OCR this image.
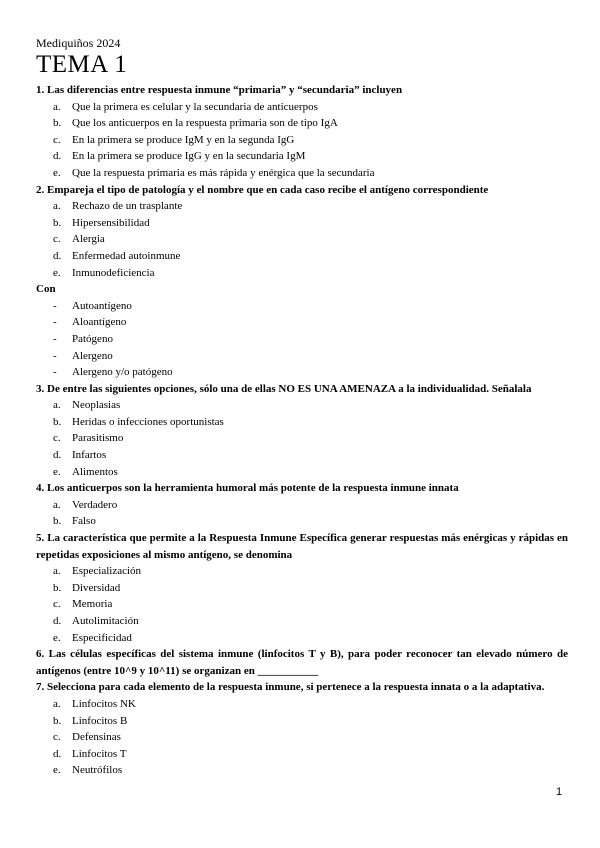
Mediquiños 2024
TEMA 1
1. Las diferencias entre respuesta inmune “primaria” y “secundaria” incluyen
a. Que la primera es celular y la secundaria de anticuerpos
b. Que los anticuerpos en la respuesta primaria son de tipo IgA
c. En la primera se produce IgM y en la segunda IgG
d. En la primera se produce IgG y en la secundaria IgM
e. Que la respuesta primaria es más rápida y enérgica que la secundaria
2. Empareja el tipo de patología y el nombre que en cada caso recibe el antígeno correspondiente
a. Rechazo de un trasplante
b. Hipersensibilidad
c. Alergia
d. Enfermedad autoinmune
e. Inmunodeficiencia
Con
- Autoantígeno
- Aloantígeno
- Patógeno
- Alergeno
- Alergeno y/o patógeno
3. De entre las siguientes opciones, sólo una de ellas NO ES UNA AMENAZA a la individualidad. Señalala
a. Neoplasias
b. Heridas o infecciones oportunistas
c. Parasitismo
d. Infartos
e. Alimentos
4. Los anticuerpos son la herramienta humoral más potente de la respuesta inmune innata
a. Verdadero
b. Falso
5. La característica que permite a la Respuesta Inmune Específica generar respuestas más enérgicas y rápidas en repetidas exposiciones al mismo antígeno, se denomina
a. Especialización
b. Diversidad
c. Memoria
d. Autolimitación
e. Especificidad
6. Las células específicas del sistema inmune (linfocitos T y B), para poder reconocer tan elevado número de antígenos (entre 10^9 y 10^11) se organizan en ___________
7. Selecciona para cada elemento de la respuesta inmune, si pertenece a la respuesta innata o a la adaptativa.
a. Linfocitos NK
b. Linfocitos B
c. Defensinas
d. Linfocitos T
e. Neutrófilos
1
